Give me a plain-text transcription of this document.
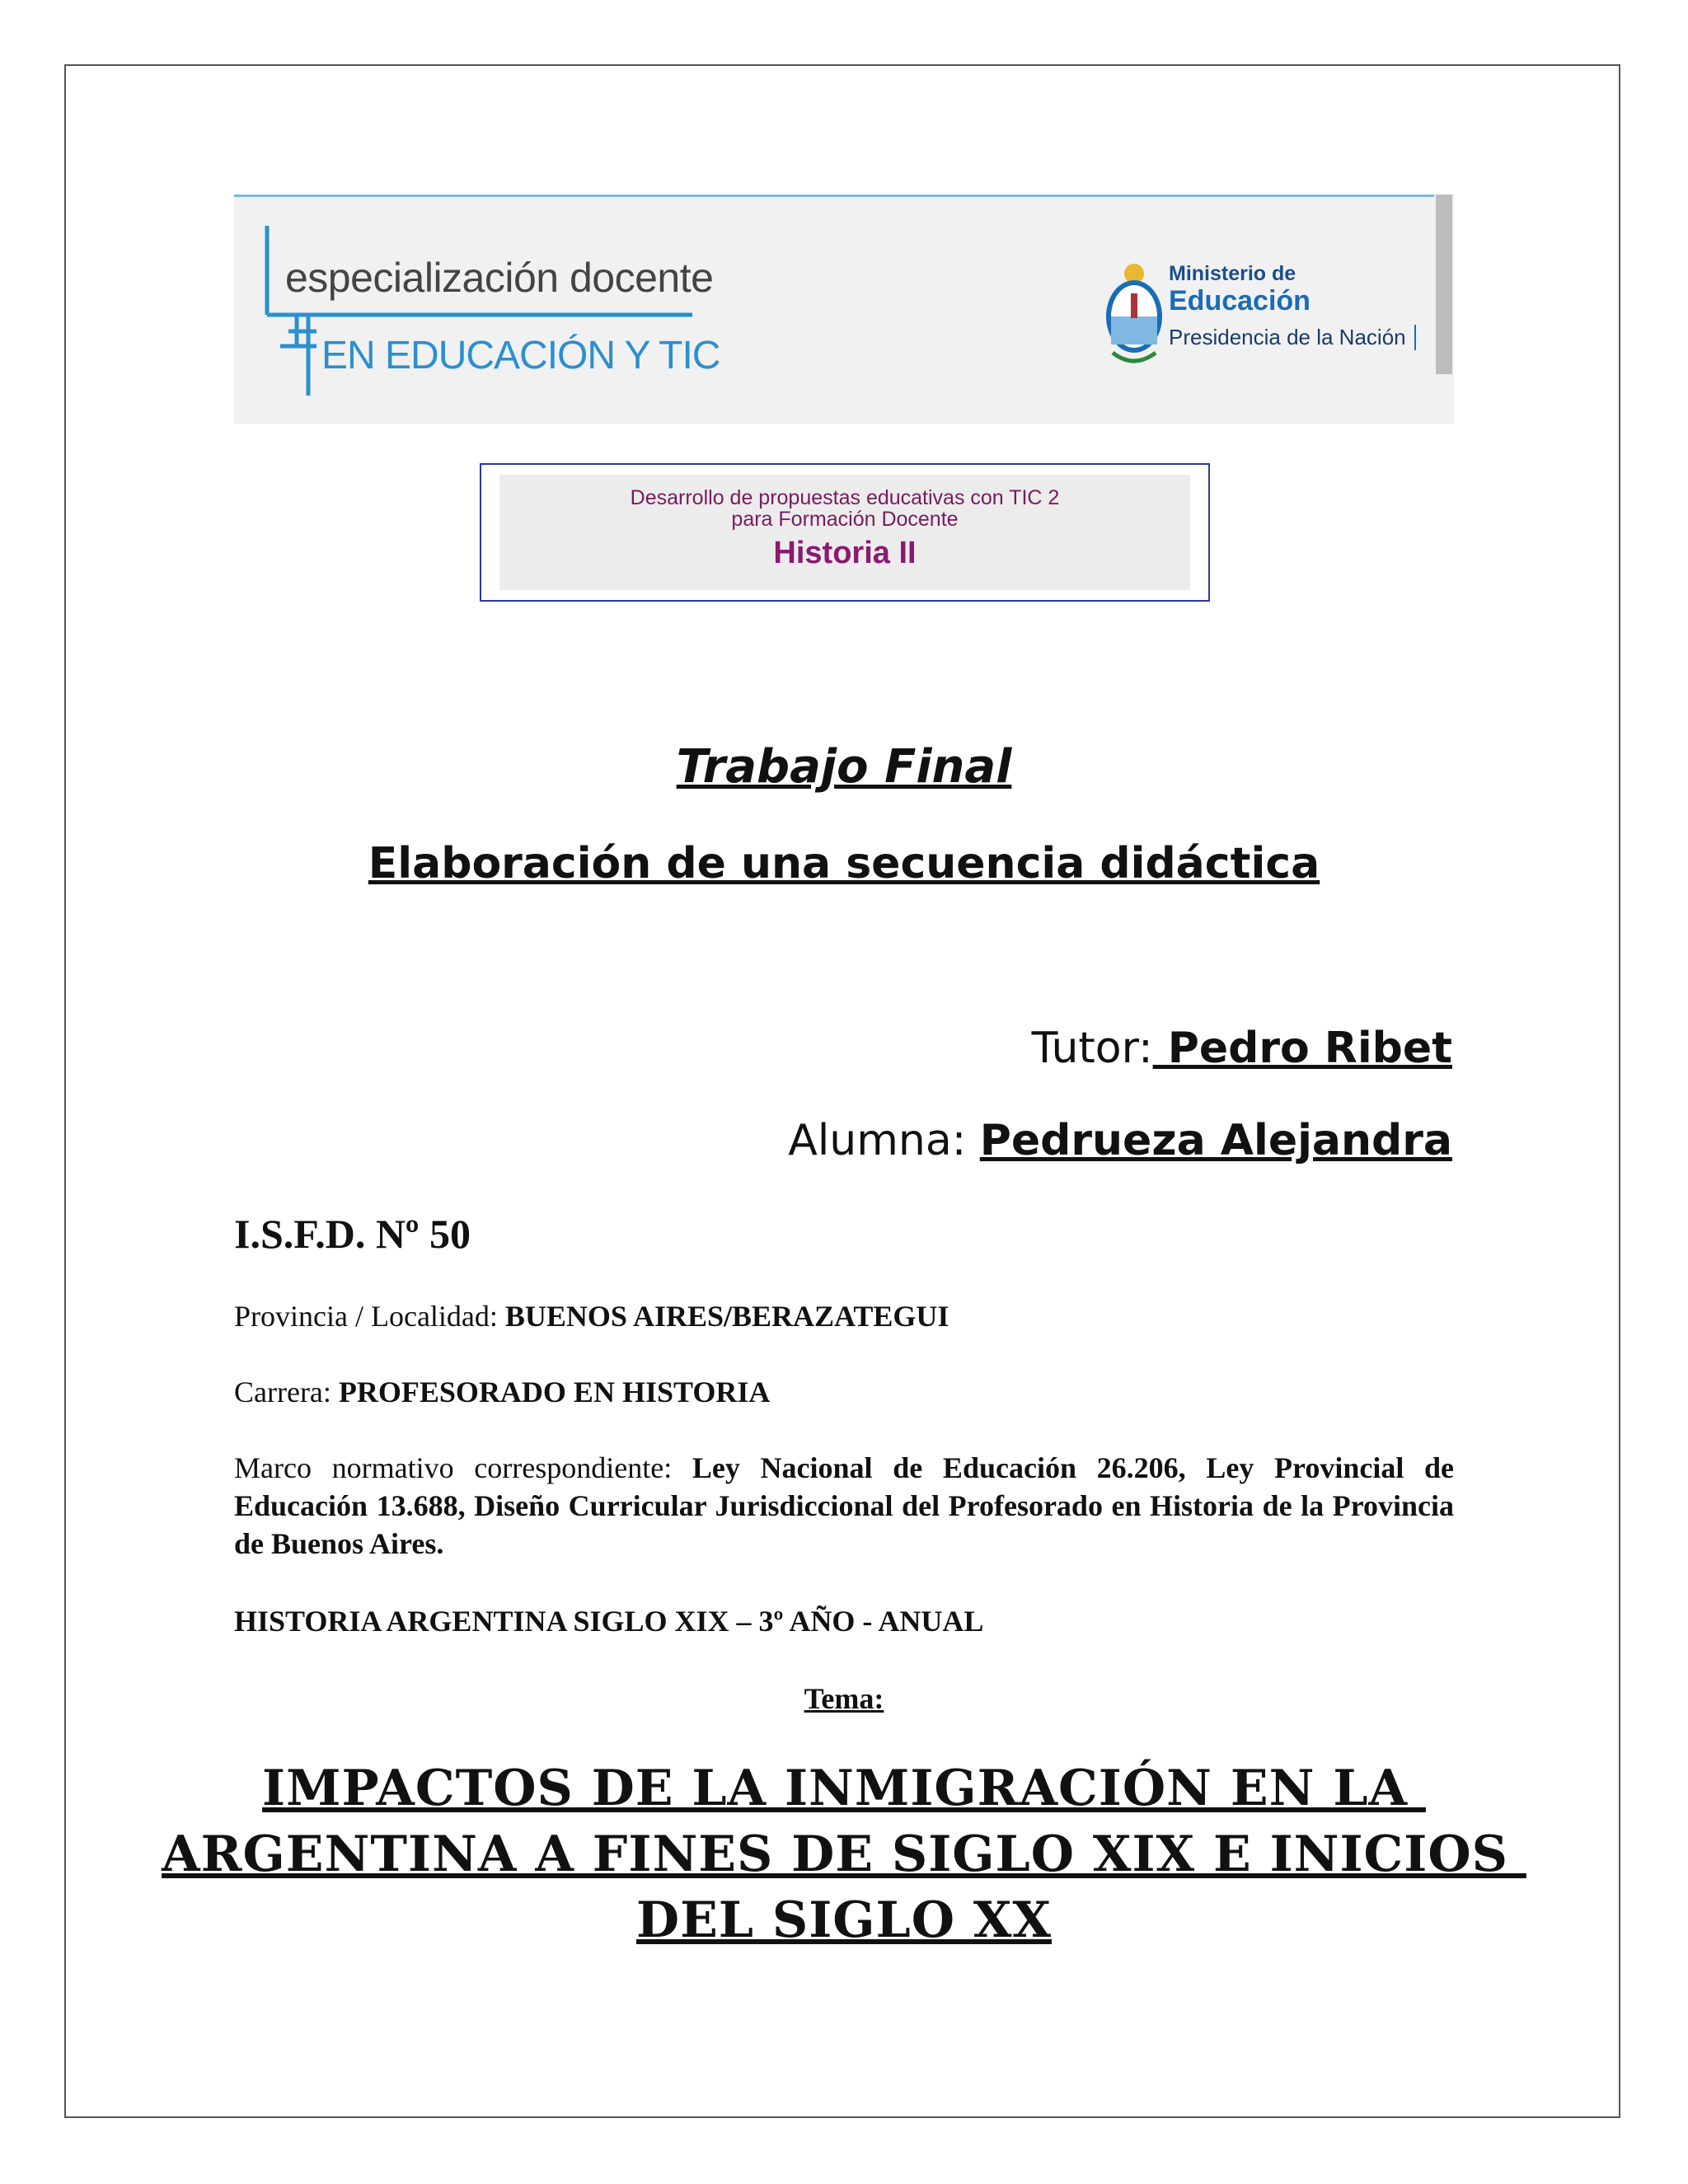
especialización docente
EN EDUCACIÓN Y TIC
Ministerio de
Educación
Presidencia de la Nación
Desarrollo de propuestas educativas con TIC 2
para Formación Docente
Historia II
Trabajo Final
Elaboración de una secuencia didáctica
Tutor: Pedro Ribet
Alumna: Pedrueza Alejandra
I.S.F.D. Nº 50
Provincia / Localidad: BUENOS AIRES/BERAZATEGUI
Carrera: PROFESORADO EN HISTORIA
Marco normativo correspondiente: Ley Nacional de Educación 26.206, Ley Provincial de Educación 13.688, Diseño Curricular Jurisdiccional del Profesorado en Historia de la Provincia de Buenos Aires.
HISTORIA ARGENTINA SIGLO XIX – 3º AÑO - ANUAL
Tema:
IMPACTOS DE LA INMIGRACIÓN EN LA
ARGENTINA A FINES DE SIGLO XIX E INICIOS
DEL SIGLO XX
